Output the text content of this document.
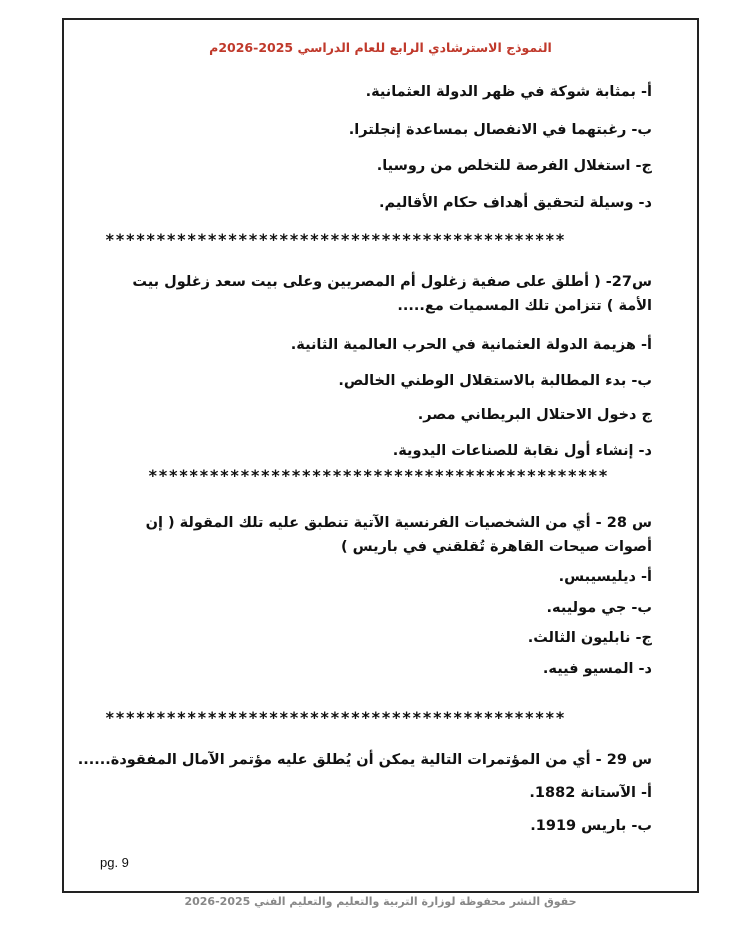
النموذج الاسترشادي الرابع للعام الدراسي 2025-2026م
أ- بمثابة شوكة في ظهر الدولة العثمانية.
ب- رغبتهما في الانفصال بمساعدة إنجلترا.
ج- استغلال الفرصة للتخلص من روسيا.
د- وسيلة لتحقيق أهداف حكام الأقاليم.
*********************************************
س27- ( أطلق على صفية زغلول أم المصريين وعلى بيت سعد زغلول بيت الأمة ) تتزامن تلك المسميات مع.....
أ- هزيمة الدولة العثمانية في الحرب العالمية الثانية.
ب- بدء المطالبة بالاستقلال الوطني الخالص.
ج دخول الاحتلال البريطاني مصر.
د- إنشاء أول نقابة للصناعات اليدوية.
*********************************************
س 28 - أي من الشخصيات الفرنسية الآتية تنطبق عليه تلك المقولة ( إن أصوات صيحات القاهرة تُقلقني في باريس )
أ- ديليسيبس.
ب- جي موليبه.
ج- نابليون الثالث.
د- المسيو فييه.
*********************************************
س 29 - أي من المؤتمرات التالية يمكن أن يُطلق عليه مؤتمر الآمال المفقودة......
أ- الآستانة 1882.
ب- باريس 1919.
pg. 9
حقوق النشر محفوظة لوزارة التربية والتعليم والتعليم الفني 2025-2026
